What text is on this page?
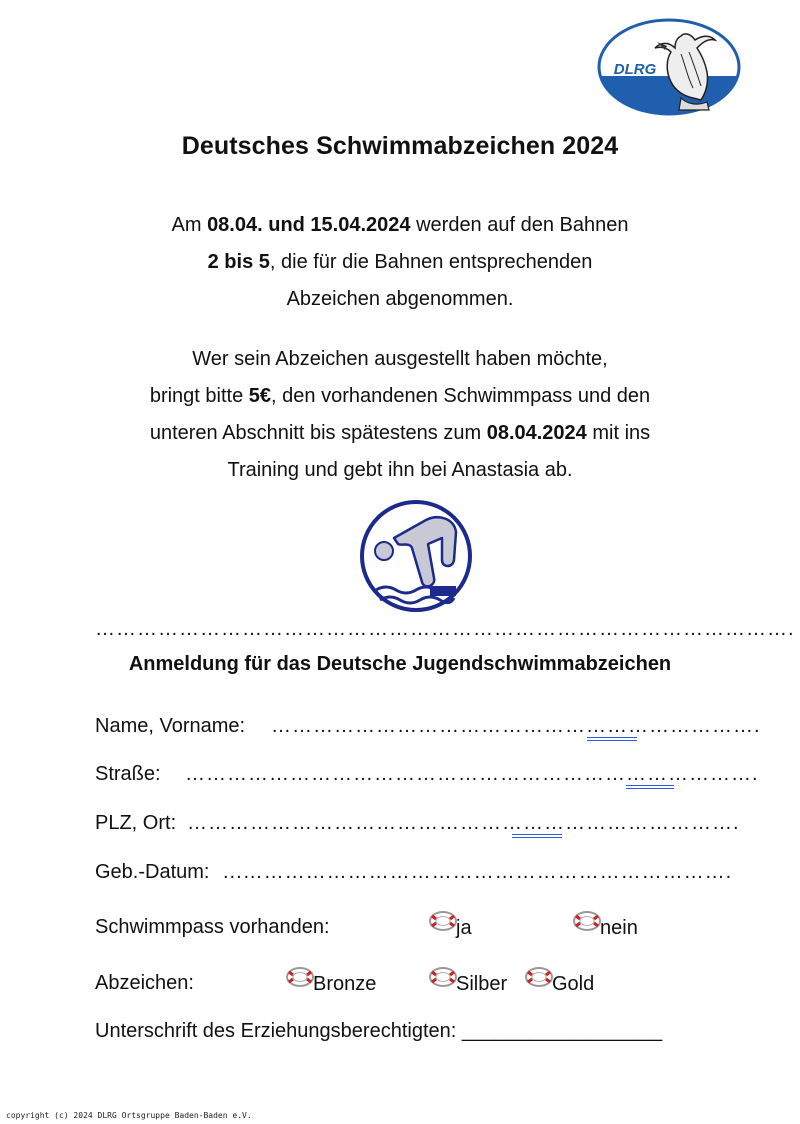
DLRG
Deutsches Schwimmabzeichen 2024
Am 08.04. und 15.04.2024 werden auf den Bahnen
2 bis 5, die für die Bahnen entsprechenden
Abzeichen abgenommen.
Wer sein Abzeichen ausgestellt haben möchte,
bringt bitte 5€, den vorhandenen Schwimmpass und den
unteren Abschnitt bis spätestens zum 08.04.2024 mit ins
Training und gebt ihn bei Anastasia ab.
……………………………………………………………………………………….
Anmeldung für das Deutsche Jugendschwimmabzeichen
Name, Vorname: …………………………………………………………….
Straße: ……………………………………………………………………….
PLZ, Ort: …………………………………………………………………….
Geb.-Datum: ...…………………………………………………………….
Schwimmpass vorhanden:	ja	nein
Abzeichen:	Bronze	Silber	Gold
Unterschrift des Erziehungsberechtigten: __________________
copyright (c) 2024 DLRG Ortsgruppe Baden-Baden e.V.
